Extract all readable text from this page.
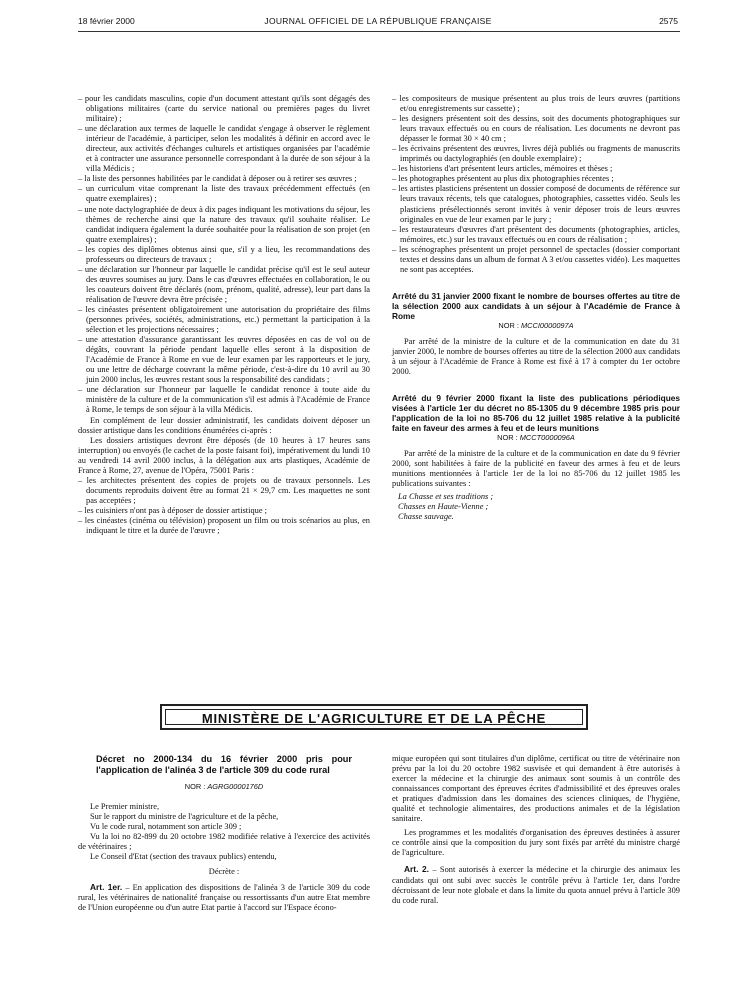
18 février 2000	JOURNAL OFFICIEL DE LA RÉPUBLIQUE FRANÇAISE	2575

– pour les candidats masculins, copie d'un document attestant qu'ils sont dégagés des obligations militaires (carte du service national ou premières pages du livret militaire) ;

– une déclaration aux termes de laquelle le candidat s'engage à observer le règlement intérieur de l'académie, à participer, selon les modalités à définir en accord avec le directeur, aux activités d'échanges culturels et artistiques organisées par l'académie et à contracter une assurance personnelle correspondant à la durée de son séjour à la villa Médicis ;

– la liste des personnes habilitées par le candidat à déposer ou à retirer ses œuvres ;

– un curriculum vitae comprenant la liste des travaux précédemment effectués (en quatre exemplaires) ;

– une note dactylographiée de deux à dix pages indiquant les motivations du séjour, les thèmes de recherche ainsi que la nature des travaux qu'il souhaite réaliser. Le candidat indiquera également la durée souhaitée pour la réalisation de son projet (en quatre exemplaires) ;

– les copies des diplômes obtenus ainsi que, s'il y a lieu, les recommandations des professeurs ou directeurs de travaux ;

– une déclaration sur l'honneur par laquelle le candidat précise qu'il est le seul auteur des œuvres soumises au jury. Dans le cas d'œuvres effectuées en collaboration, le ou les coauteurs doivent être déclarés (nom, prénom, qualité, adresse), leur part dans la réalisation de l'œuvre devra être précisée ;

– les cinéastes présentent obligatoirement une autorisation du propriétaire des films (personnes privées, sociétés, administrations, etc.) permettant la participation à la sélection et les projections nécessaires ;

– une attestation d'assurance garantissant les œuvres déposées en cas de vol ou de dégâts, couvrant la période pendant laquelle elles seront à la disposition de l'Académie de France à Rome en vue de leur examen par les rapporteurs et le jury, ou une lettre de décharge couvrant la même période, c'est-à-dire du 10 avril au 30 juin 2000 inclus, les œuvres restant sous la responsabilité des candidats ;

– une déclaration sur l'honneur par laquelle le candidat renonce à toute aide du ministère de la culture et de la communication s'il est admis à l'Académie de France à Rome, le temps de son séjour à la villa Médicis.

En complément de leur dossier administratif, les candidats doivent déposer un dossier artistique dans les conditions énumérées ci-après :

Les dossiers artistiques devront être déposés (de 10 heures à 17 heures sans interruption) ou envoyés (le cachet de la poste faisant foi), impérativement du lundi 10 au vendredi 14 avril 2000 inclus, à la délégation aux arts plastiques, Académie de France à Rome, 27, avenue de l'Opéra, 75001 Paris :

– les architectes présentent des copies de projets ou de travaux personnels. Les documents reproduits doivent être au format 21 × 29,7 cm. Les maquettes ne sont pas acceptées ;

– les cuisiniers n'ont pas à déposer de dossier artistique ;

– les cinéastes (cinéma ou télévision) proposent un film ou trois scénarios au plus, en indiquant le titre et la durée de l'œuvre ;

– les compositeurs de musique présentent au plus trois de leurs œuvres (partitions et/ou enregistrements sur cassette) ;

– les designers présentent soit des dessins, soit des documents photographiques sur leurs travaux effectués ou en cours de réalisation. Les documents ne devront pas dépasser le format 30 × 40 cm ;

– les écrivains présentent des œuvres, livres déjà publiés ou fragments de manuscrits imprimés ou dactylographiés (en double exemplaire) ;

– les historiens d'art présentent leurs articles, mémoires et thèses ;

– les photographes présentent au plus dix photographies récentes ;

– les artistes plasticiens présentent un dossier composé de documents de référence sur leurs travaux récents, tels que catalogues, photographies, cassettes vidéo. Seuls les plasticiens présélectionnés seront invités à venir déposer trois de leurs œuvres originales en vue de leur examen par le jury ;

– les restaurateurs d'œuvres d'art présentent des documents (photographies, articles, mémoires, etc.) sur les travaux effectués ou en cours de réalisation ;

– les scénographes présentent un projet personnel de spectacles (dossier comportant textes et dessins dans un album de format A 3 et/ou cassettes vidéo). Les maquettes ne sont pas acceptées.

Arrêté du 31 janvier 2000 fixant le nombre de bourses offertes au titre de la sélection 2000 aux candidats à un séjour à l'Académie de France à Rome

NOR : MCCI0000097A

Par arrêté de la ministre de la culture et de la communication en date du 31 janvier 2000, le nombre de bourses offertes au titre de la sélection 2000 aux candidats à un séjour à l'Académie de France à Rome est fixé à 17 à compter du 1er octobre 2000.

Arrêté du 9 février 2000 fixant la liste des publications périodiques visées à l'article 1er du décret no 85-1305 du 9 décembre 1985 pris pour l'application de la loi no 85-706 du 12 juillet 1985 relative à la publicité faite en faveur des armes à feu et de leurs munitions

NOR : MCCT0000096A

Par arrêté de la ministre de la culture et de la communication en date du 9 février 2000, sont habilitées à faire de la publicité en faveur des armes à feu et de leurs munitions mentionnées à l'article 1er de la loi no 85-706 du 12 juillet 1985 les publications suivantes :

La Chasse et ses traditions ;

Chasses en Haute-Vienne ;

Chasse sauvage.

MINISTÈRE DE L'AGRICULTURE ET DE LA PÊCHE

Décret no 2000-134 du 16 février 2000 pris pour l'application de l'alinéa 3 de l'article 309 du code rural

NOR : AGRG0000176D

Le Premier ministre,

Sur le rapport du ministre de l'agriculture et de la pêche,

Vu le code rural, notamment son article 309 ;

Vu la loi no 82-899 du 20 octobre 1982 modifiée relative à l'exercice des activités de vétérinaires ;

Le Conseil d'Etat (section des travaux publics) entendu,

Décrète :

Art. 1er. – En application des dispositions de l'alinéa 3 de l'article 309 du code rural, les vétérinaires de nationalité française ou ressortissants d'un autre Etat membre de l'Union européenne ou d'un autre Etat partie à l'accord sur l'Espace écono-

mique européen qui sont titulaires d'un diplôme, certificat ou titre de vétérinaire non prévu par la loi du 20 octobre 1982 susvisée et qui demandent à être autorisés à exercer la médecine et la chirurgie des animaux sont soumis à un contrôle des connaissances comportant des épreuves écrites d'admissibilité et des épreuves orales et pratiques d'admission dans les domaines des sciences cliniques, de l'hygiène, qualité et technologie alimentaires, des productions animales et de la législation sanitaire.

Les programmes et les modalités d'organisation des épreuves destinées à assurer ce contrôle ainsi que la composition du jury sont fixés par arrêté du ministre chargé de l'agriculture.

Art. 2. – Sont autorisés à exercer la médecine et la chirurgie des animaux les candidats qui ont subi avec succès le contrôle prévu à l'article 1er, dans l'ordre décroissant de leur note globale et dans la limite du quota annuel prévu à l'article 309 du code rural.
